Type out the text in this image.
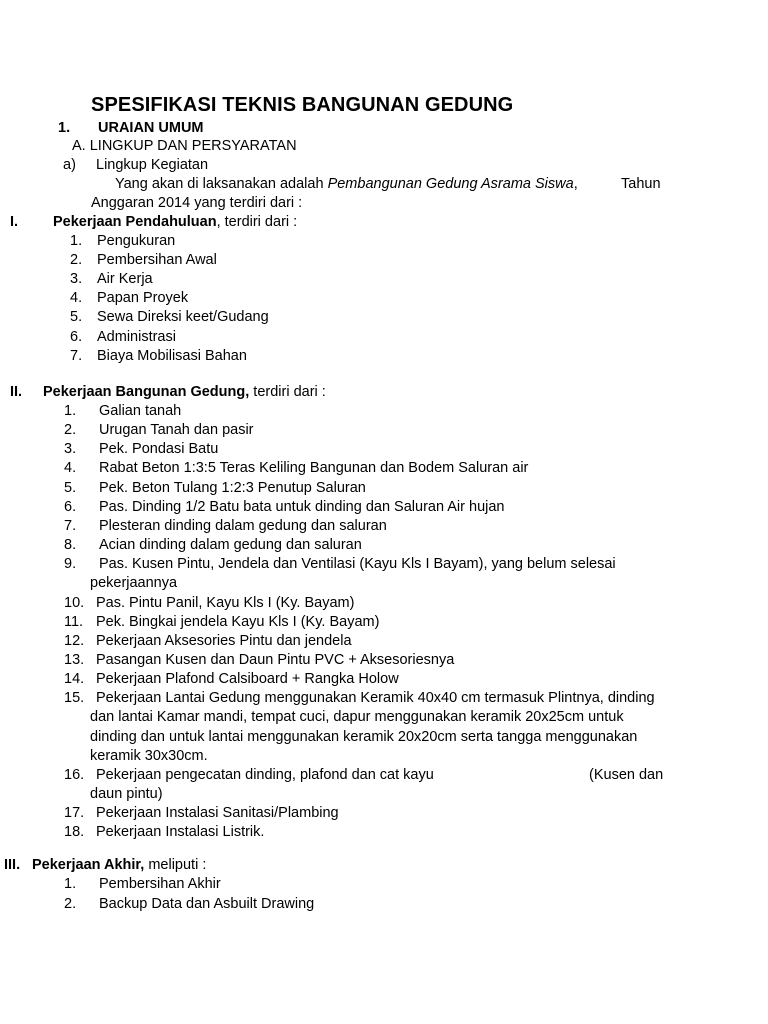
SPESIFIKASI TEKNIS BANGUNAN GEDUNG
1. URAIAN UMUM
A. LINGKUP DAN PERSYARATAN
a) Lingkup Kegiatan
Yang akan di laksanakan adalah Pembangunan Gedung Asrama Siswa,	Tahun
Anggaran 2014 yang terdiri dari :
I. Pekerjaan Pendahuluan, terdiri dari :
1. Pengukuran
2. Pembersihan Awal
3. Air Kerja
4. Papan Proyek
5. Sewa Direksi keet/Gudang
6. Administrasi
7. Biaya Mobilisasi Bahan
II. Pekerjaan Bangunan Gedung, terdiri dari :
1. Galian tanah
2. Urugan Tanah dan pasir
3. Pek. Pondasi Batu
4. Rabat Beton 1:3:5 Teras Keliling Bangunan dan Bodem Saluran air
5. Pek. Beton Tulang 1:2:3 Penutup Saluran
6. Pas. Dinding 1/2 Batu bata untuk dinding dan Saluran Air hujan
7. Plesteran dinding dalam gedung dan saluran
8. Acian dinding dalam gedung dan saluran
9. Pas. Kusen Pintu, Jendela dan Ventilasi (Kayu Kls I Bayam), yang belum selesai
pekerjaannya
10. Pas. Pintu Panil, Kayu Kls I (Ky. Bayam)
11. Pek. Bingkai jendela Kayu Kls I (Ky. Bayam)
12. Pekerjaan Aksesories Pintu dan jendela
13. Pasangan Kusen dan Daun Pintu PVC + Aksesoriesnya
14. Pekerjaan Plafond Calsiboard + Rangka Holow
15. Pekerjaan Lantai Gedung menggunakan Keramik 40x40 cm termasuk Plintnya, dinding
dan lantai Kamar mandi, tempat cuci, dapur menggunakan keramik 20x25cm untuk
dinding dan untuk lantai menggunakan keramik 20x20cm serta tangga menggunakan
keramik 30x30cm.
16. Pekerjaan pengecatan dinding, plafond dan cat kayu	(Kusen dan
daun pintu)
17. Pekerjaan Instalasi Sanitasi/Plambing
18. Pekerjaan Instalasi Listrik.
III. Pekerjaan Akhir, meliputi :
1. Pembersihan Akhir
2. Backup Data dan Asbuilt Drawing
